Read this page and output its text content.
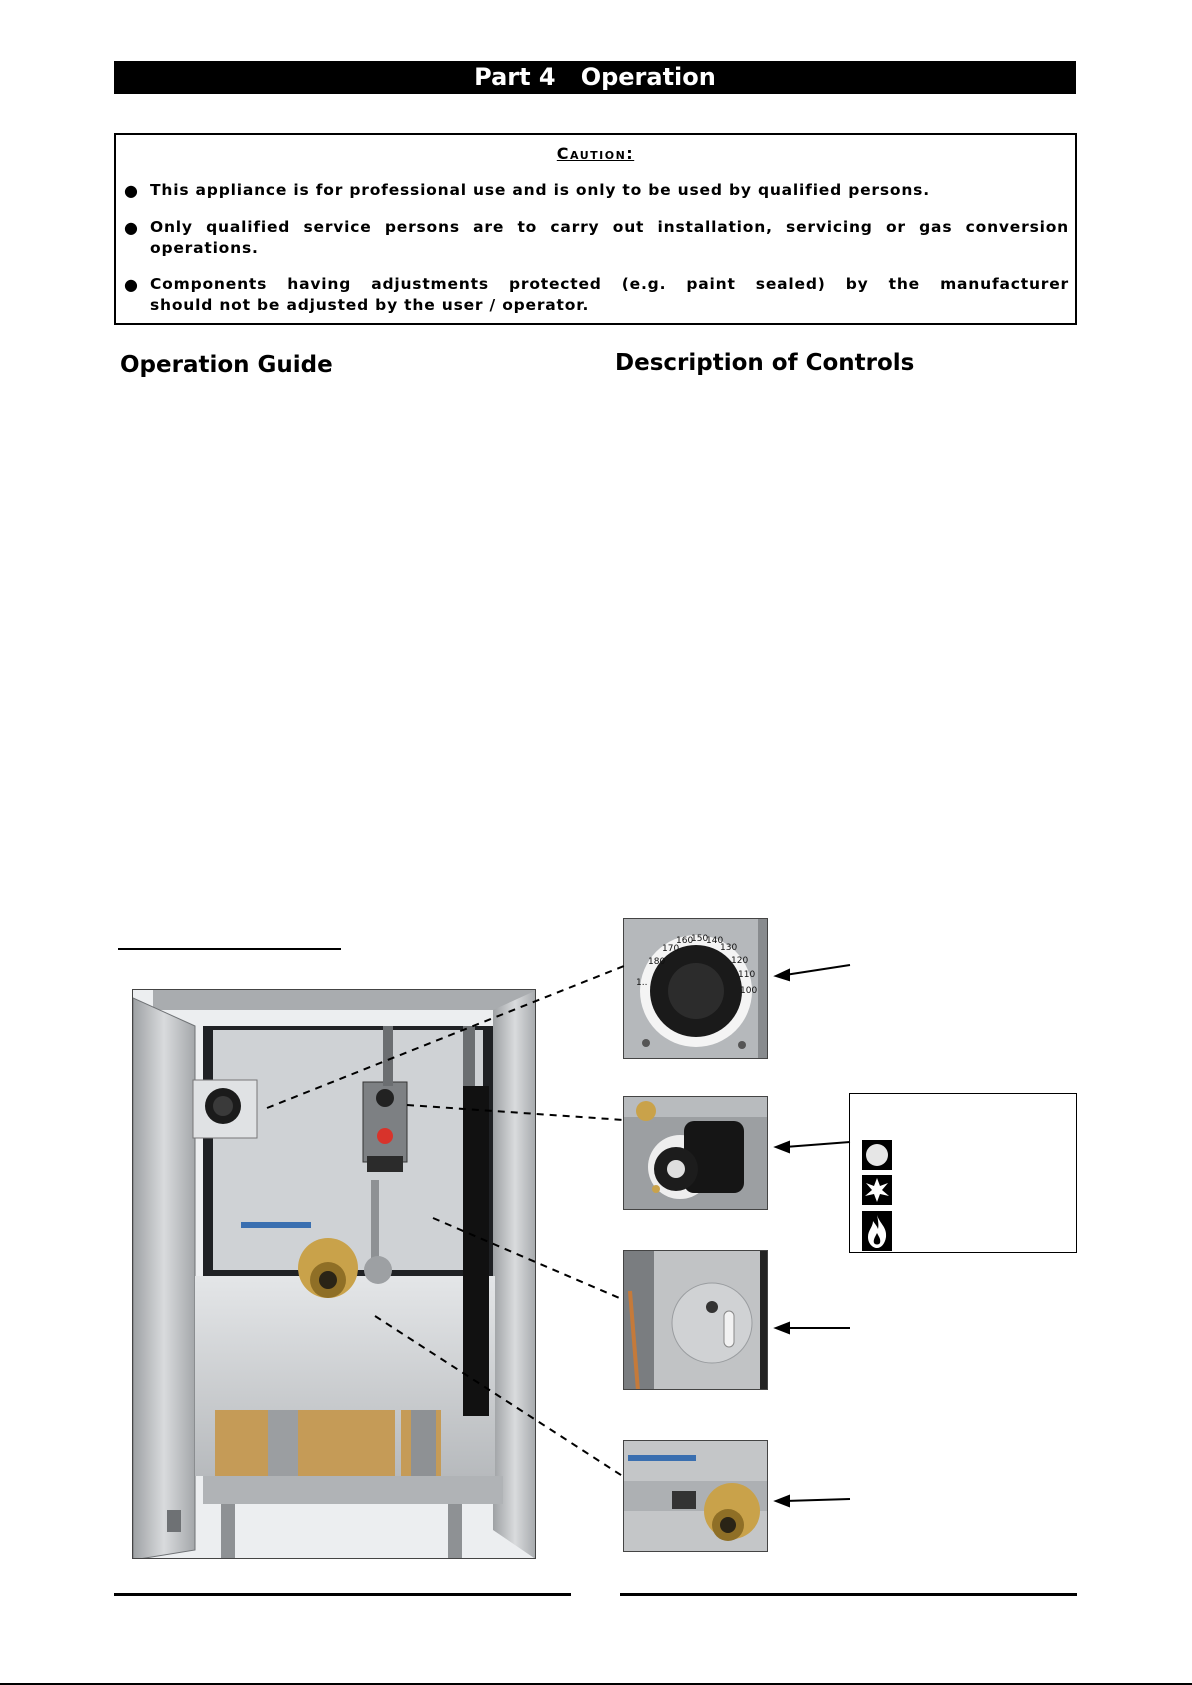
Part 4   Operation
Caution:
● This appliance is for professional use and is only to be used by qualified persons.
● Only qualified service persons are to carry out installation, servicing or gas conversion
operations.
● Components having adjustments protected (e.g. paint sealed) by the manufacturer
should not be adjusted by the user / operator.
Operation Guide	Description of Controls
1..
180
170
160
150
140
130
120
110
100
